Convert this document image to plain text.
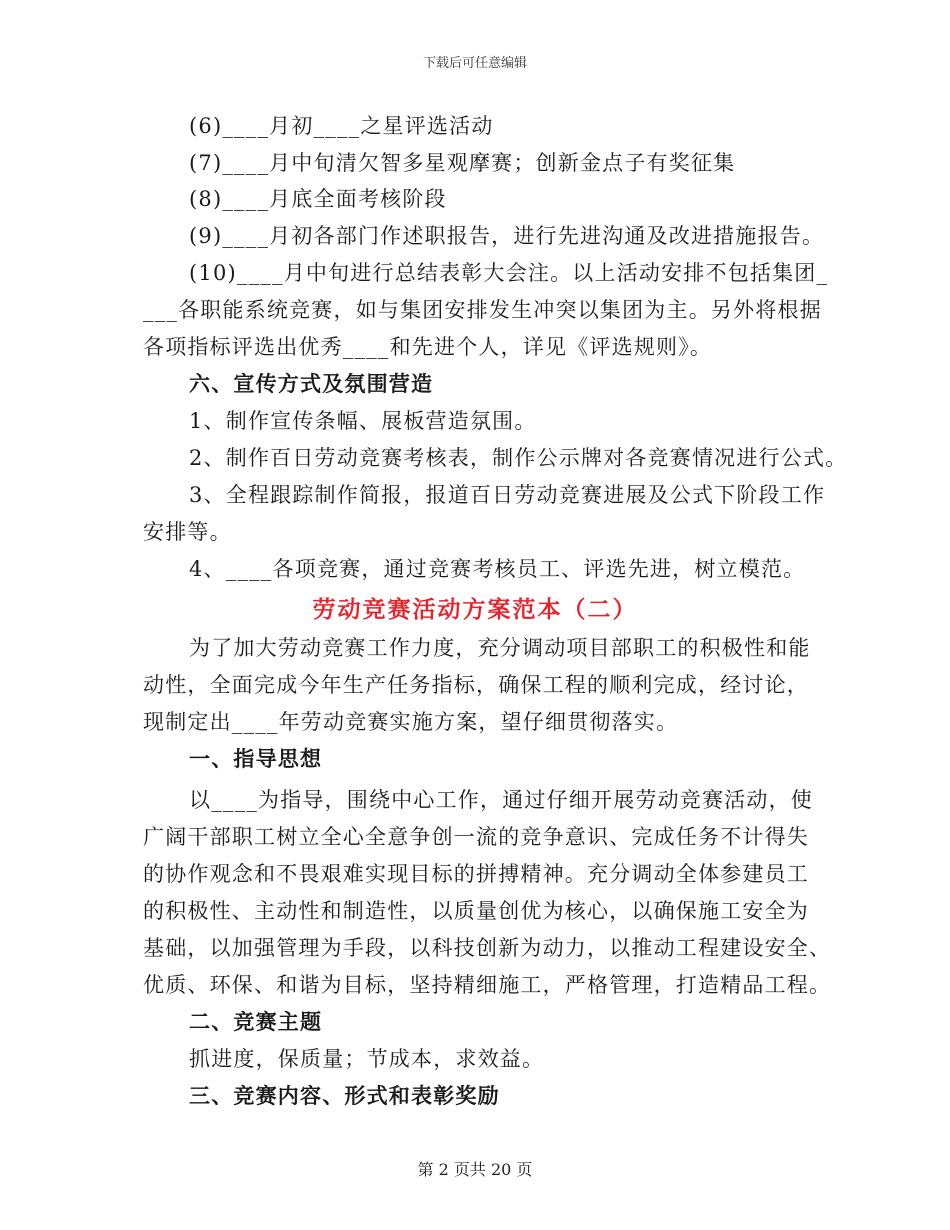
下载后可任意编辑
(6)____月初____之星评选活动
(7)____月中旬清欠智多星观摩赛；创新金点子有奖征集
(8)____月底全面考核阶段
(9)____月初各部门作述职报告，进行先进沟通及改进措施报告。
(10)____月中旬进行总结表彰大会注。以上活动安排不包括集团_
___各职能系统竞赛，如与集团安排发生冲突以集团为主。另外将根据
各项指标评选出优秀____和先进个人，详见《评选规则》。
六、宣传方式及氛围营造
1、制作宣传条幅、展板营造氛围。
2、制作百日劳动竞赛考核表，制作公示牌对各竞赛情况进行公式。
3、全程跟踪制作简报，报道百日劳动竞赛进展及公式下阶段工作
安排等。
4、____各项竞赛，通过竞赛考核员工、评选先进，树立模范。
劳动竞赛活动方案范本（二）
为了加大劳动竞赛工作力度，充分调动项目部职工的积极性和能
动性，全面完成今年生产任务指标，确保工程的顺利完成，经讨论，
现制定出____年劳动竞赛实施方案，望仔细贯彻落实。
一、指导思想
以____为指导，围绕中心工作，通过仔细开展劳动竞赛活动，使
广阔干部职工树立全心全意争创一流的竞争意识、完成任务不计得失
的协作观念和不畏艰难实现目标的拼搏精神。充分调动全体参建员工
的积极性、主动性和制造性，以质量创优为核心，以确保施工安全为
基础，以加强管理为手段，以科技创新为动力，以推动工程建设安全、
优质、环保、和谐为目标，坚持精细施工，严格管理，打造精品工程。
二、竞赛主题
抓进度，保质量；节成本，求效益。
三、竞赛内容、形式和表彰奖励
第 2 页共 20 页
